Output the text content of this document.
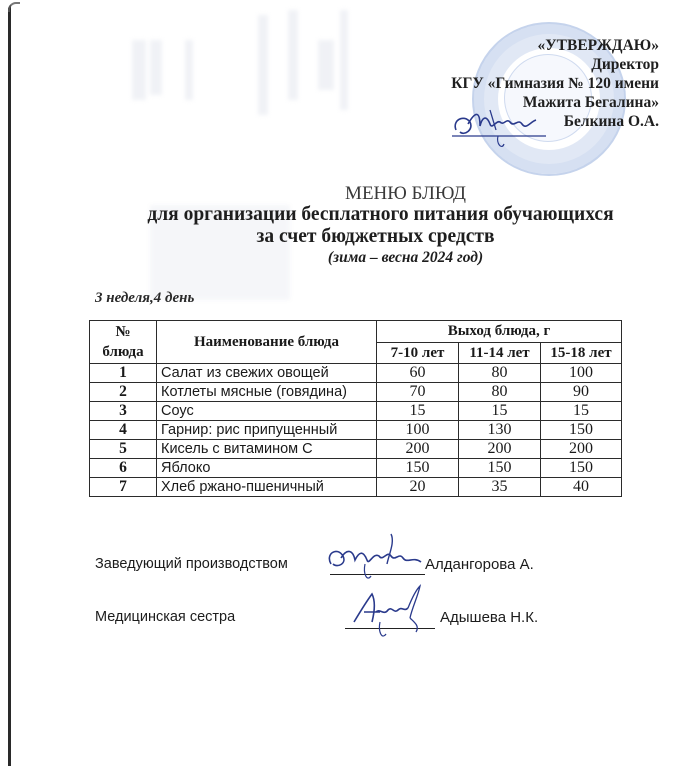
«УТВЕРЖДАЮ»
Директор
КГУ «Гимназия № 120 имени
Мажита Бегалина»
Белкина О.А.
МЕНЮ БЛЮД
для организации бесплатного питания обучающихся
за счет бюджетных средств
(зима – весна 2024 год)
3 неделя,4 день
№ блюда	Наименование блюда	Выход блюда, г		
		7-10 лет	11-14 лет	15-18 лет
1	Салат из свежих овощей	60	80	100
2	Котлеты мясные (говядина)	70	80	90
3	Соус	15	15	15
4	Гарнир: рис припущенный	100	130	150
5	Кисель с витамином С	200	200	200
6	Яблоко	150	150	150
7	Хлеб ржано-пшеничный	20	35	40
Заведующий производством	Алдангорова А.
Медицинская сестра	Адышева Н.К.
